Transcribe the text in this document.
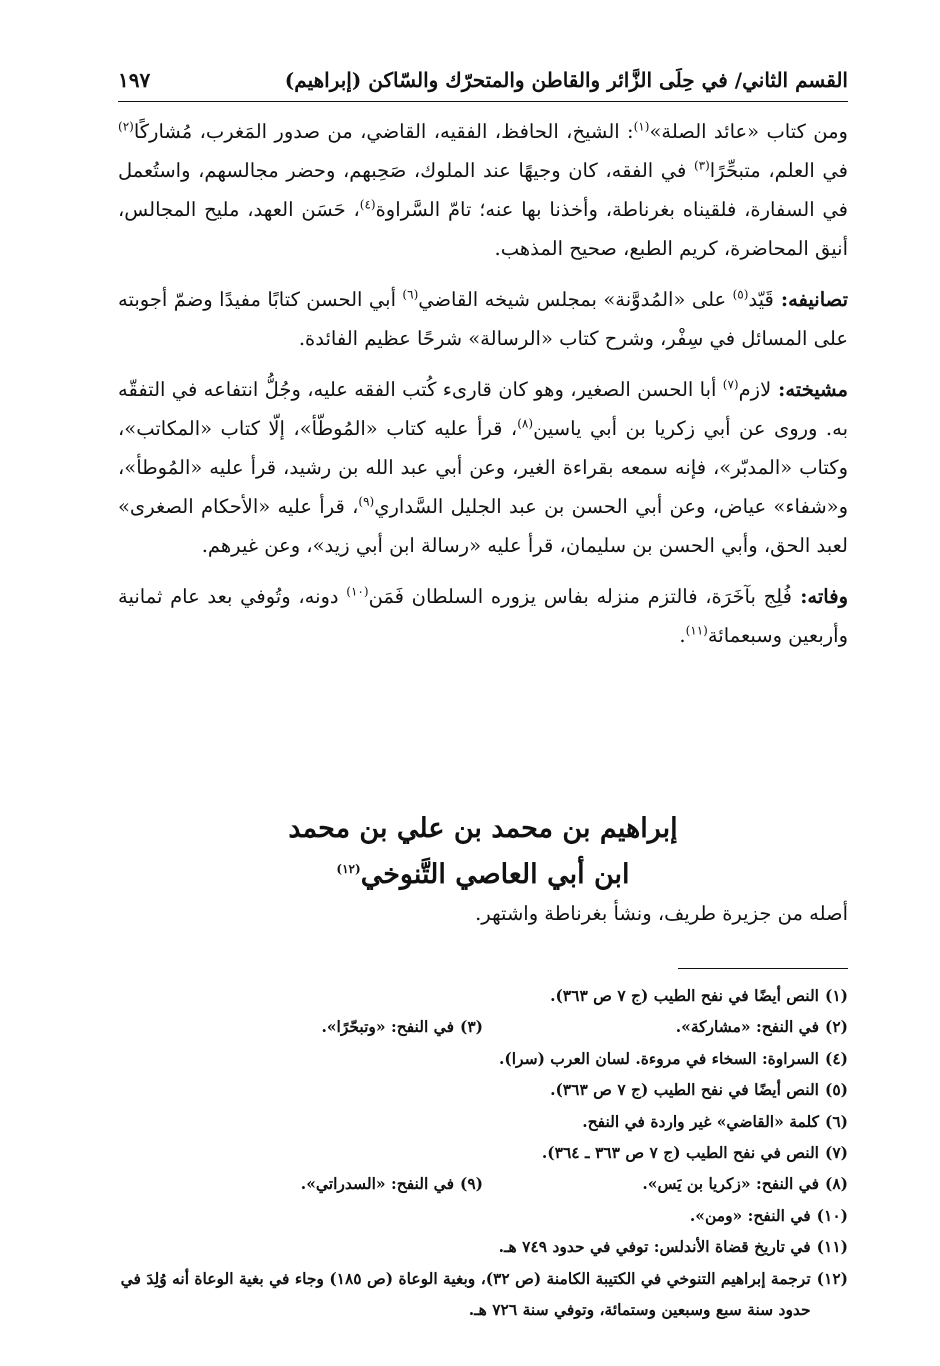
القسم الثاني/ في حِلَى الزَّائر والقاطن والمتحرّك والسّاكن (إبراهيم)
١٩٧

ومن كتاب «عائد الصلة»$^{(١)}$: الشيخ، الحافظ، الفقيه، القاضي، من صدور المَغرب، مُشاركًا$^{(٢)}$ في العلم، متبحِّرًا$^{(٣)}$ في الفقه، كان وجيهًا عند الملوك، صَحِبهم، وحضر مجالسهم، واستُعمل في السفارة، فلقيناه بغرناطة، وأخذنا بها عنه؛ تامّ السَّراوة$^{(٤)}$، حَسَن العهد، مليح المجالس، أنيق المحاضرة، كريم الطبع، صحيح المذهب.

تصانيفه: قَيّد$^{(٥)}$ على «المُدوَّنة» بمجلس شيخه القاضي$^{(٦)}$ أبي الحسن كتابًا مفيدًا وضمّ أجوبته على المسائل في سِفْر، وشرح كتاب «الرسالة» شرحًا عظيم الفائدة.

مشيخته: لازم$^{(٧)}$ أبا الحسن الصغير، وهو كان قارىء كُتب الفقه عليه، وجُلُّ انتفاعه في التفقّه به. وروى عن أبي زكريا بن أبي ياسين$^{(٨)}$، قرأ عليه كتاب «المُوطّأ»، إلّا كتاب «المكاتب»، وكتاب «المدبّر»، فإنه سمعه بقراءة الغير، وعن أبي عبد الله بن رشيد، قرأ عليه «المُوطأ»، و«شفاء» عياض، وعن أبي الحسن بن عبد الجليل السَّداري$^{(٩)}$، قرأ عليه «الأحكام الصغرى» لعبد الحق، وأبي الحسن بن سليمان، قرأ عليه «رسالة ابن أبي زيد»، وعن غيرهم.

وفاته: فُلِج بآخَرَة، فالتزم منزله بفاس يزوره السلطان فَمَن$^{(١٠)}$ دونه، وتُوفي بعد عام ثمانية وأربعين وسبعمائة$^{(١١)}$.

إبراهيم بن محمد بن علي بن محمد
ابن أبي العاصي التَّنوخي$^{(١٢)}$
أصله من جزيرة طريف، ونشأ بغرناطة واشتهر.
(١)
النص أيضًا في نفح الطيب (ج ٧ ص ٣٦٣).
(٢)
في النفح: «مشاركة».
(٣)
في النفح: «وتبحّرًا».
(٤)
السراوة: السخاء في مروءة. لسان العرب (سرا).
(٥)
النص أيضًا في نفح الطيب (ج ٧ ص ٣٦٣).
(٦)
كلمة «القاضي» غير واردة في النفح.
(٧)
النص في نفح الطيب (ج ٧ ص ٣٦٣ ـ ٣٦٤).
(٨)
في النفح: «زكريا بن يَس».
(٩)
في النفح: «السدراتي».
(١٠)
في النفح: «ومن».
(١١)
في تاريخ قضاة الأندلس: توفي في حدود ٧٤٩ هـ.
(١٢)
ترجمة إبراهيم التنوخي في الكتيبة الكامنة (ص ٣٢)، وبغية الوعاة (ص ١٨٥) وجاء في بغية الوعاة أنه وُلِدَ في حدود سنة سبع وسبعين وستمائة، وتوفي سنة ٧٢٦ هـ.
